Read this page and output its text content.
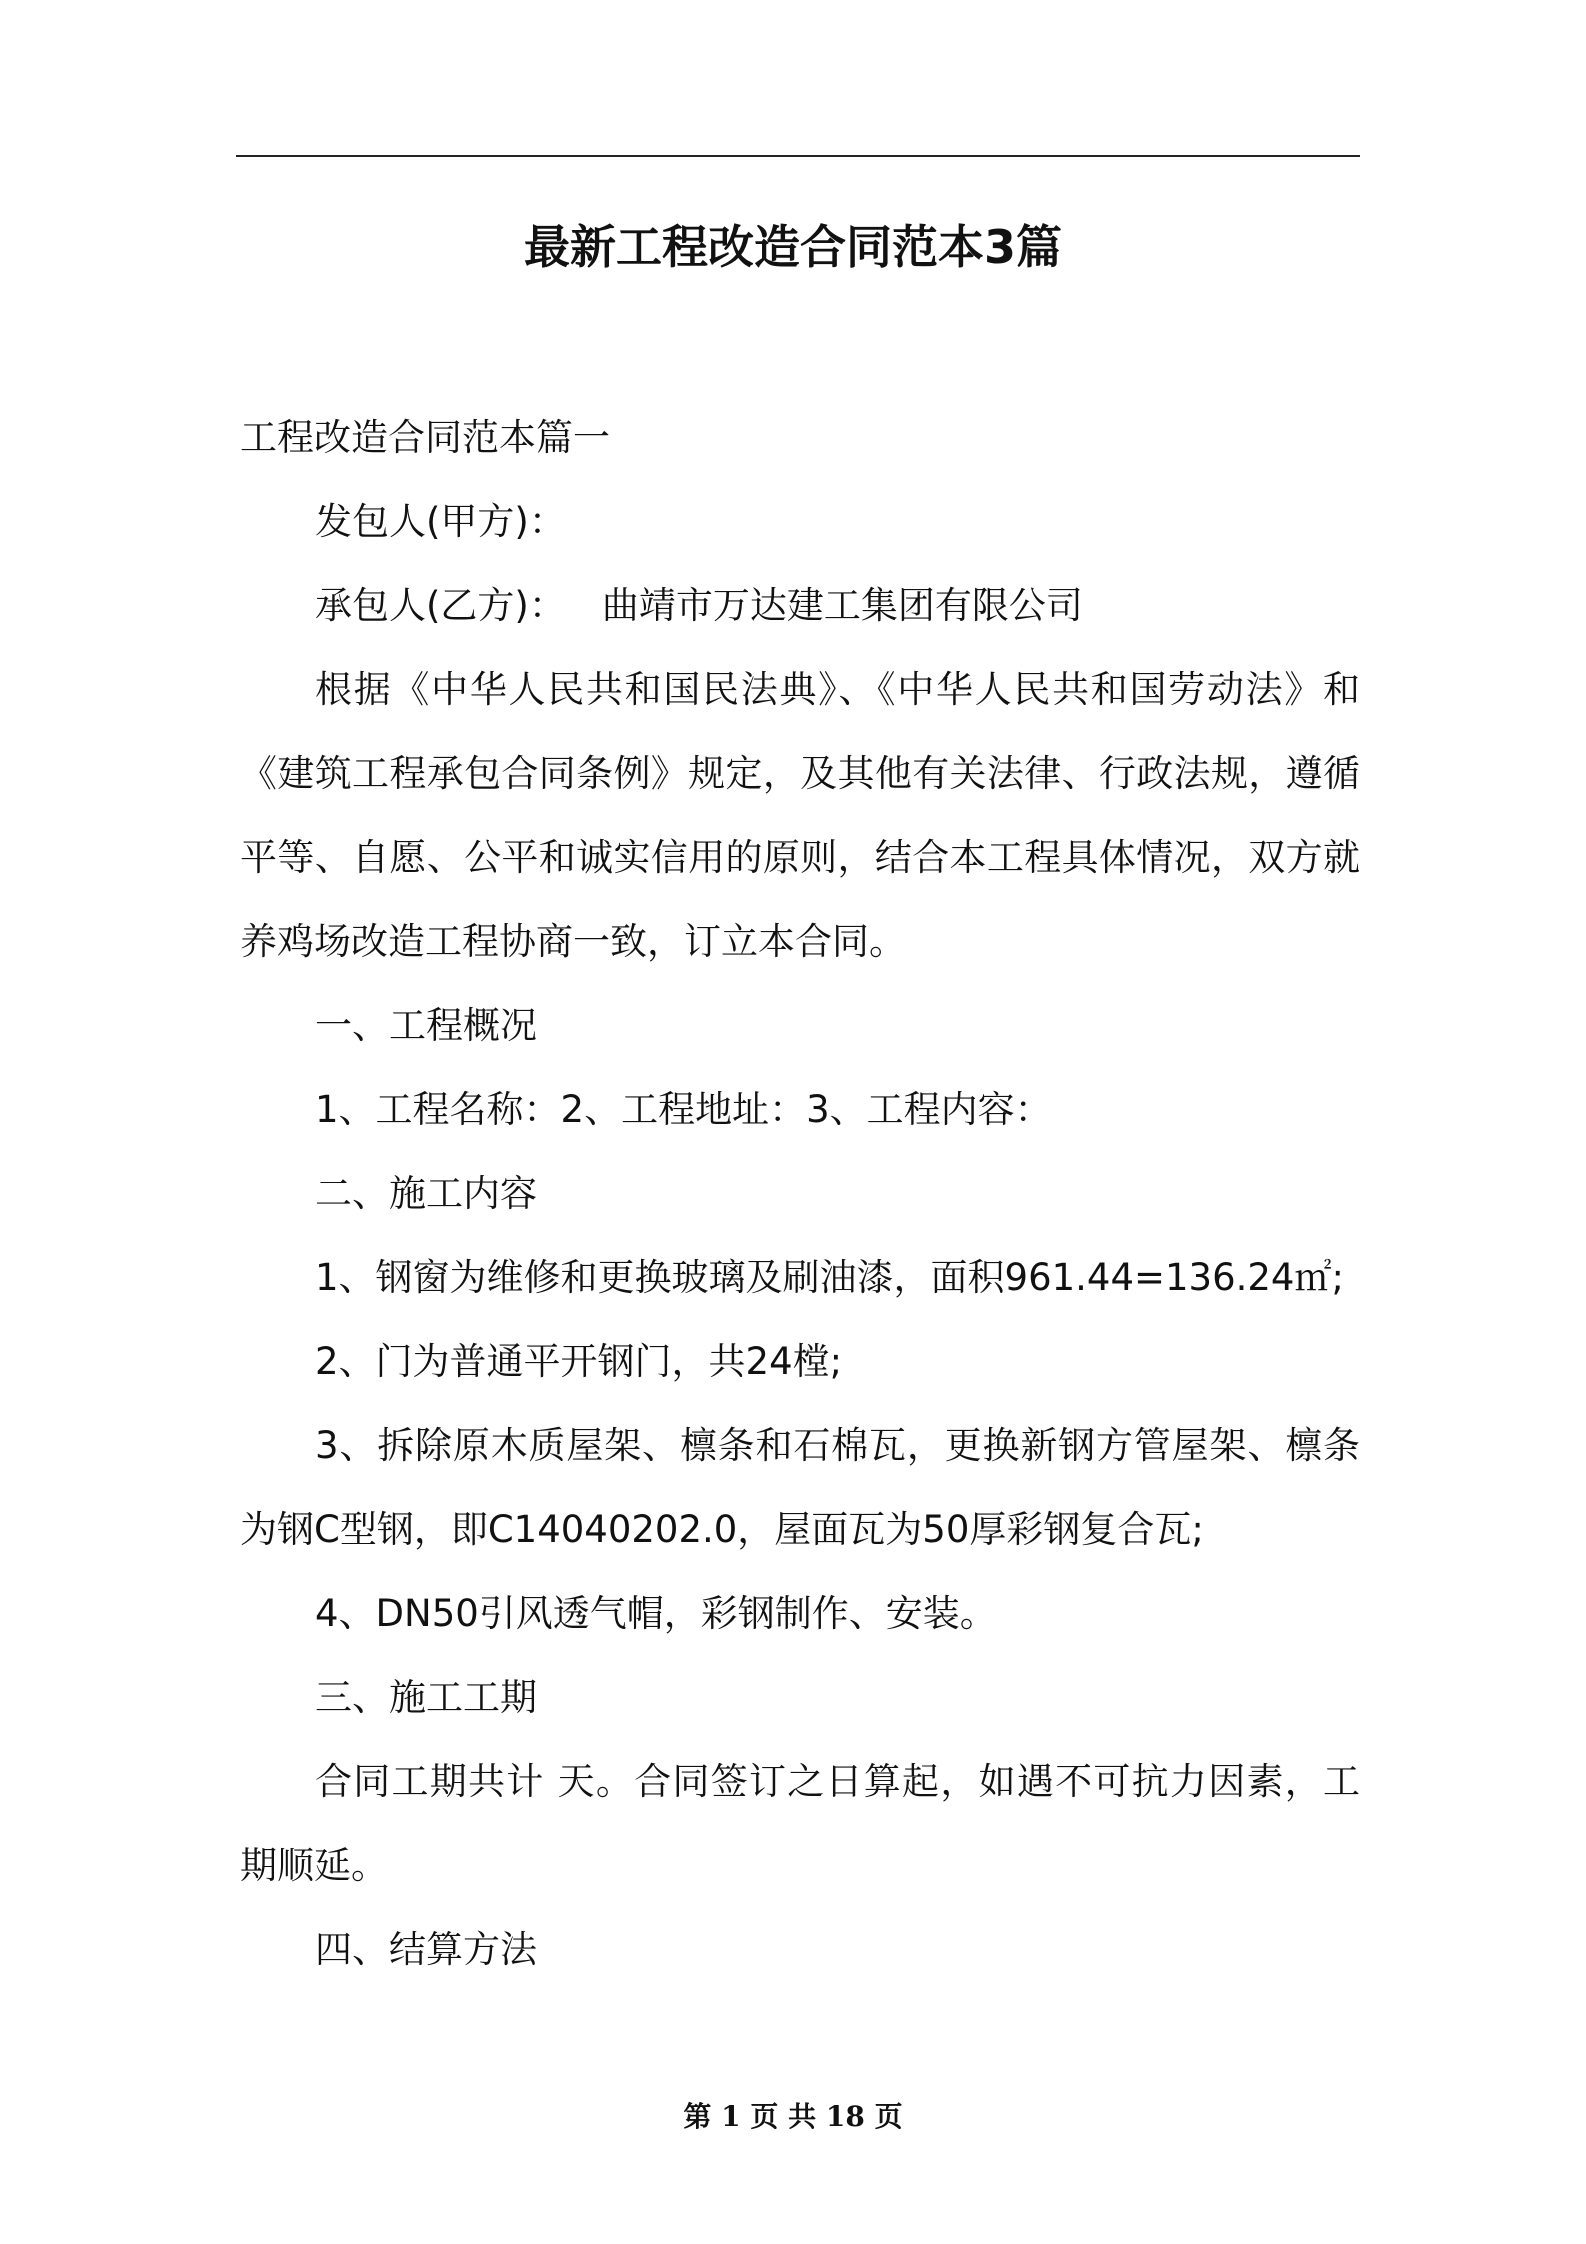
最新工程改造合同范本3篇

工程改造合同范本篇一

发包人(甲方)：

承包人(乙方)： 曲靖市万达建工集团有限公司

根据《中华人民共和国民法典》、《中华人民共和国劳动法》和《建筑工程承包合同条例》规定，及其他有关法律、行政法规，遵循平等、自愿、公平和诚实信用的原则，结合本工程具体情况，双方就养鸡场改造工程协商一致，订立本合同。

一、工程概况

1、工程名称：2、工程地址：3、工程内容：

二、施工内容

1、钢窗为维修和更换玻璃及刷油漆，面积961.44=136.24㎡;

2、门为普通平开钢门，共24樘;

3、拆除原木质屋架、檩条和石棉瓦，更换新钢方管屋架、檩条为钢C型钢，即C14040202.0，屋面瓦为50厚彩钢复合瓦;

4、DN50引风透气帽，彩钢制作、安装。

三、施工工期

合同工期共计 天。合同签订之日算起，如遇不可抗力因素，工期顺延。

四、结算方法

第 1 页 共 18 页
